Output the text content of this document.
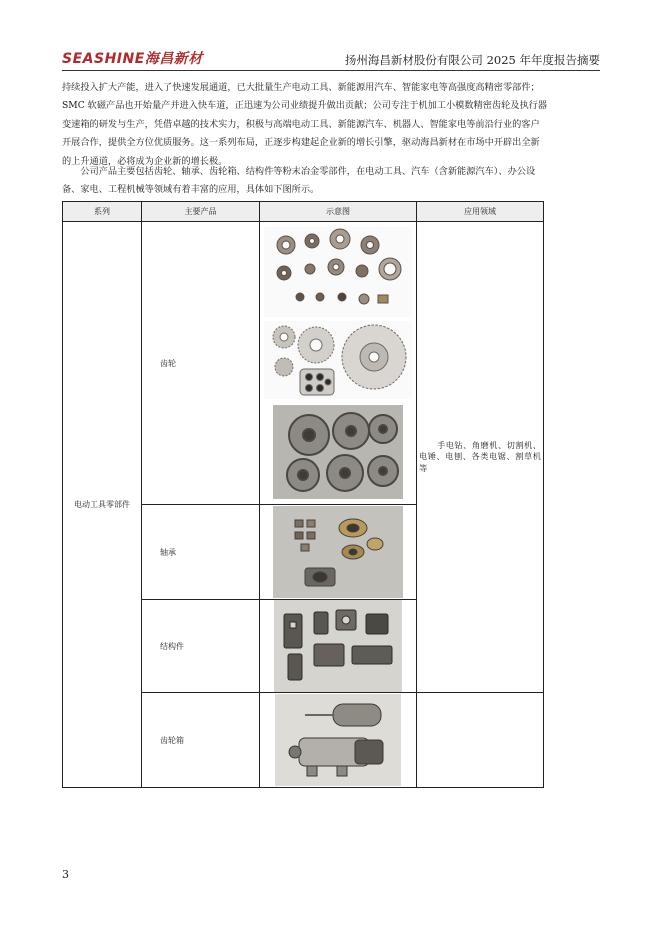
SEASHINE海昌新材	扬州海昌新材股份有限公司 2025 年年度报告摘要
持续投入扩大产能，进入了快速发展通道，已大批量生产电动工具、新能源用汽车、智能家电等高强度高精密零部件；
SMC 软磁产品也开始量产并进入快车道，正迅速为公司业绩提升做出贡献；公司专注于机加工小模数精密齿轮及执行器
变速箱的研发与生产，凭借卓越的技术实力，积极与高端电动工具、新能源汽车、机器人、智能家电等前沿行业的客户
开展合作，提供全方位优质服务。这一系列布局，正逐步构建起企业新的增长引擎，驱动海昌新材在市场中开辟出全新
的上升通道，必将成为企业新的增长极。
　　公司产品主要包括齿轮、轴承、齿轮箱、结构件等粉末冶金零部件，在电动工具、汽车（含新能源汽车）、办公设
备、家电、工程机械等领域有着丰富的应用，具体如下图所示。
系列	主要产品	示意图	应用领域
电动工具零部件	齿轮		手电钻、角磨机、切割机、电锤、电刨、各类电锯、割草机等

	轴承	

	结构件	

	齿轮箱	

3
